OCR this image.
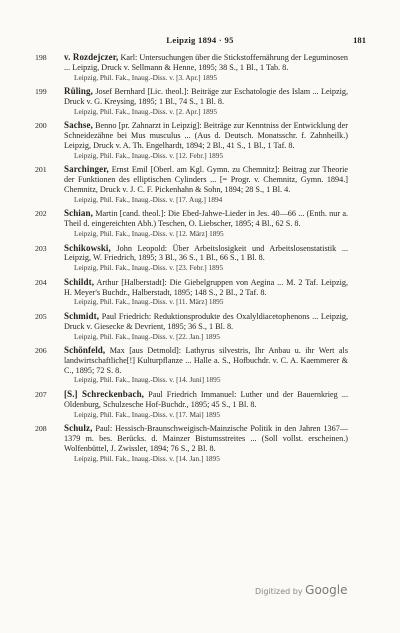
Leipzig 1894 · 95	181
198 v. Rozdejczer, Karl: Untersuchungen über die Stickstoffernährung der Leguminosen ... Leipzig, Druck v. Sellmann & Henne, 1895; 38 S., 1 Bl., 1 Tab. 8.
Leipzig, Phil. Fak., Inaug.-Diss. v. [3. Apr.] 1895
199 Rüling, Josef Bernhard [Lic. theol.]: Beiträge zur Eschatologie des Islam ... Leipzig, Druck v. G. Kreysing, 1895; 1 Bl., 74 S., 1 Bl. 8.
Leipzig, Phil. Fak., Inaug.-Diss. v. [2. Apr.] 1895
200 Sachse, Benno [pr. Zahnarzt in Leipzig]: Beiträge zur Kenntniss der Entwicklung der Schneidezähne bei Mus musculus ... (Aus d. Deutsch. Monatsschr. f. Zahnheilk.) Leipzig, Druck v. A. Th. Engelhardt, 1894; 2 Bl., 41 S., 1 Bl., 1 Taf. 8.
Leipzig, Phil. Fak., Inaug.-Diss. v. [12. Febr.] 1895
201 Sarchinger, Ernst Emil [Oberl. am Kgl. Gymn. zu Chemnitz]: Beitrag zur Theorie der Funktionen des elliptischen Cylinders ... [= Progr. v. Chemnitz, Gymn. 1894.] Chemnitz, Druck v. J. C. F. Pickenhahn & Sohn, 1894; 28 S., 1 Bl. 4.
Leipzig, Phil. Fak., Inaug.-Diss. v. [17. Aug.] 1894
202 Schian, Martin [cand. theol.]: Die Ebed-Jahwe-Lieder in Jes. 40—66 ... (Enth. nur a. Theil d. eingereichten Abh.) Teschen, O. Liebscher, 1895; 4 Bl., 62 S. 8.
Leipzig, Phil. Fak., Inaug.-Diss. v. [12. März] 1895
203 Schikowski, John Leopold: Über Arbeitslosigkeit und Arbeitslosenstatistik ... Leipzig, W. Friedrich, 1895; 3 Bl., 36 S., 1 Bl., 66 S., 1 Bl. 8.
Leipzig, Phil. Fak., Inaug.-Diss. v. [23. Febr.] 1895
204 Schildt, Arthur [Halberstadt]: Die Giebelgruppen von Aegina ... M. 2 Taf. Leipzig, H. Meyer's Buchdr., Halberstadt, 1895; 148 S., 2 Bl., 2 Taf. 8.
Leipzig, Phil. Fak., Inaug.-Diss. v. [11. März] 1895
205 Schmidt, Paul Friedrich: Reduktionsprodukte des Oxalyldiacetophenons ... Leipzig, Druck v. Giesecke & Devrient, 1895; 36 S., 1 Bl. 8.
Leipzig, Phil. Fak., Inaug.-Diss. v. [22. Jan.] 1895
206 Schönfeld, Max [aus Detmold]: Lathyrus silvestris, Ihr Anbau u. ihr Wert als landwirtschaftliche[!] Kulturpflanze ... Halle a. S., Hofbuchdr. v. C. A. Kaemmerer & C., 1895; 72 S. 8.
Leipzig, Phil. Fak., Inaug.-Diss. v. [14. Juni] 1895
207 [S.] Schreckenbach, Paul Friedrich Immanuel: Luther und der Bauernkrieg ... Oldenburg, Schulzesche Hof-Buchdr., 1895; 45 S., 1 Bl. 8.
Leipzig, Phil. Fak., Inaug.-Diss. v. [17. Mai] 1895
208 Schulz, Paul: Hessisch-Braunschweigisch-Mainzische Politik in den Jahren 1367—1379 m. bes. Berücks. d. Mainzer Bistumsstreites ... (Soll vollst. erscheinen.) Wolfenbüttel, J. Zwissler, 1894; 76 S., 2 Bl. 8.
Leipzig, Phil. Fak., Inaug.-Diss. v. [14. Jan.] 1895
Digitized by Google
